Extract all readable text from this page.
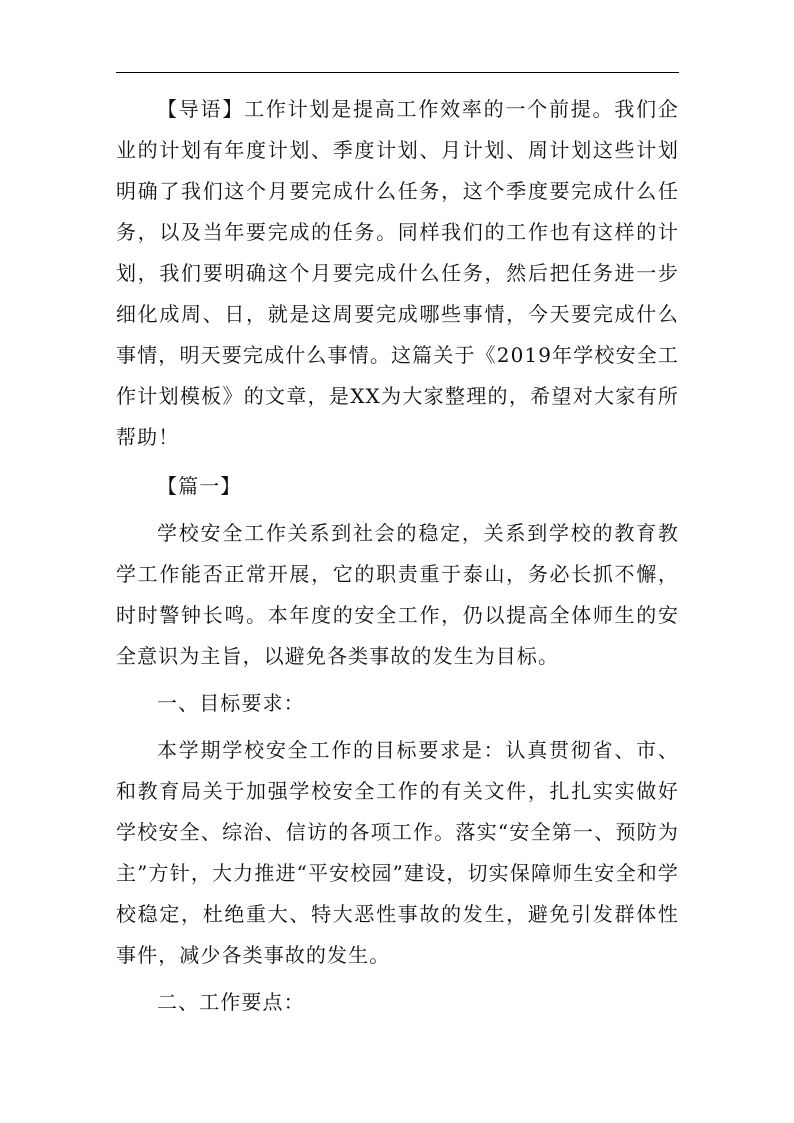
【导语】工作计划是提高工作效率的一个前提。我们企业的计划有年度计划、季度计划、月计划、周计划这些计划明确了我们这个月要完成什么任务，这个季度要完成什么任务，以及当年要完成的任务。同样我们的工作也有这样的计划，我们要明确这个月要完成什么任务，然后把任务进一步细化成周、日，就是这周要完成哪些事情，今天要完成什么事情，明天要完成什么事情。这篇关于《2019年学校安全工作计划模板》的文章，是XX为大家整理的，希望对大家有所帮助！

【篇一】

学校安全工作关系到社会的稳定，关系到学校的教育教学工作能否正常开展，它的职责重于泰山，务必长抓不懈，时时警钟长鸣。本年度的安全工作，仍以提高全体师生的安全意识为主旨，以避免各类事故的发生为目标。

一、目标要求：

本学期学校安全工作的目标要求是：认真贯彻省、市、和教育局关于加强学校安全工作的有关文件，扎扎实实做好学校安全、综治、信访的各项工作。落实“安全第一、预防为主”方针，大力推进“平安校园”建设，切实保障师生安全和学校稳定，杜绝重大、特大恶性事故的发生，避免引发群体性事件，减少各类事故的发生。

二、工作要点：
